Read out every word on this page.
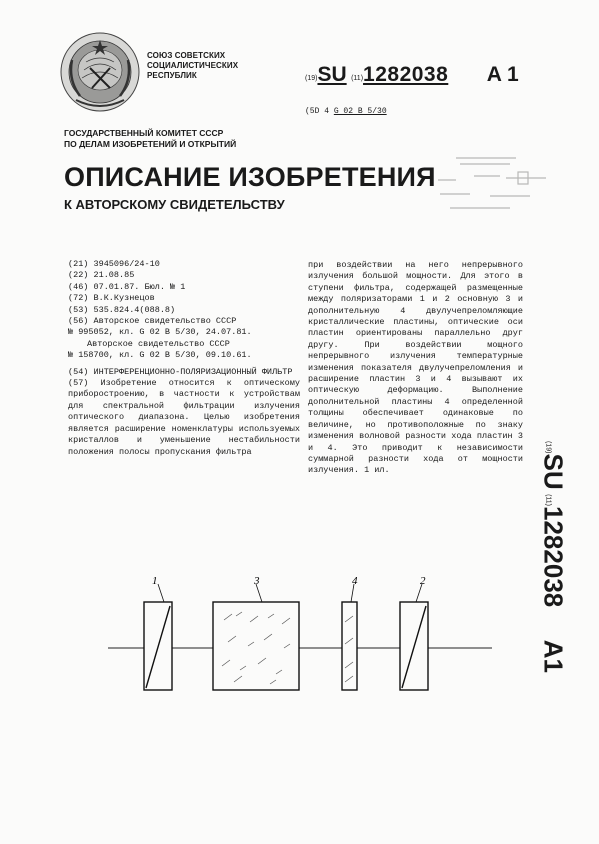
СОЮЗ СОВЕТСКИХ
СОЦИАЛИСТИЧЕСКИХ
РЕСПУБЛИК	(19)SU (11)1282038 A 1
(5D 4 G 02 B 5/30
ГОСУДАРСТВЕННЫЙ КОМИТЕТ СССР
ПО ДЕЛАМ ИЗОБРЕТЕНИЙ И ОТКРЫТИЙ
ОПИСАНИЕ ИЗОБРЕТЕНИЯ
К АВТОРСКОМУ СВИДЕТЕЛЬСТВУ

(21) 3945096/24-10

(22) 21.08.85

(46) 07.01.87. Бюл. № 1

(72) В.К.Кузнецов

(53) 535.824.4(088.8)

(56) Авторское свидетельство СССР

№ 995052, кл. G 02 B 5/30, 24.07.81.

Авторское свидетельство СССР

№ 158700, кл. G 02 B 5/30, 09.10.61.

(54) ИНТЕРФЕРЕНЦИОННО-ПОЛЯРИЗАЦИОННЫЙ ФИЛЬТР

(57) Изобретение относится к оптическому приборостроению, в частности к устройствам для спектральной фильтрации излучения оптического диапазона. Целью изобретения является расширение номенклатуры используемых кристаллов и уменьшение нестабильности положения полосы пропускания фильтра

при воздействии на него непрерывного излучения большой мощности. Для этого в ступени фильтра, содержащей размещенные между поляризаторами 1 и 2 основную 3 и дополнительную 4 двулучепреломляющие кристаллические пластины, оптические оси пластин ориентированы параллельно друг другу. При воздействии мощного непрерывного излучения температурные изменения показателя двулучепреломления и расширение пластин 3 и 4 вызывают их оптическую деформацию. Выполнение дополнительной пластины 4 определенной толщины обеспечивает одинаковые по величине, но противоположные по знаку изменения волновой разности хода пластин 3 и 4. Это приводит к независимости суммарной разности хода от мощности излучения. 1 ил.

(19)SU (11)1282038 A1
1	3	4	2
